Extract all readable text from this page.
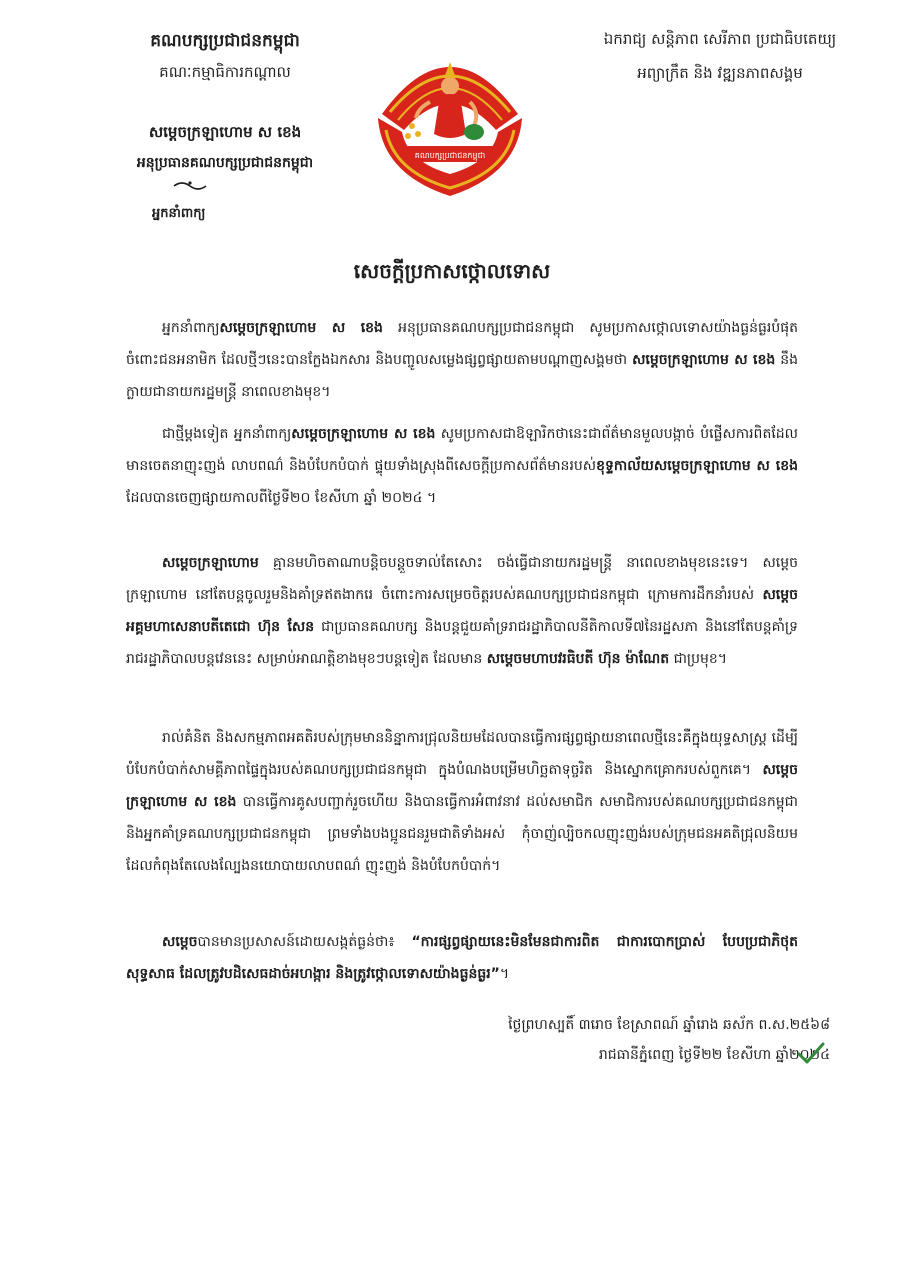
គណបក្សប្រជាជនកម្ពុជា
គណៈកម្មាធិការកណ្តាល
សម្តេចក្រឡាហោម ស ខេង
អនុប្រធានគណបក្សប្រជាជនកម្ពុជា
អ្នកនាំពាក្យ
គណបក្សប្រជាជនកម្ពុជា
ឯករាជ្យ សន្តិភាព សេរីភាព ប្រជាធិបតេយ្យ
អព្យាក្រឹត និង វឌ្ឍនភាពសង្គម
សេចក្តីប្រកាសថ្កោលទោស

អ្នកនាំពាក្យសម្តេចក្រឡាហោម ស ខេង អនុប្រធានគណបក្សប្រជាជនកម្ពុជា សូមប្រកាសថ្កោលទោសយ៉ាងធ្ងន់ធ្ងរបំផុតចំពោះជនអនាមិក ដែលថ្មីៗនេះបានក្លែងឯកសារ និងបញ្ចូលសម្លេងផ្សព្វផ្សាយតាមបណ្តាញសង្គមថា សម្តេចក្រឡាហោម ស ខេង នឹងក្លាយជានាយករដ្ឋមន្ត្រី នាពេលខាងមុខ។

ជាថ្មីម្តងទៀត អ្នកនាំពាក្យសម្តេចក្រឡាហោម ស ខេង សូមប្រកាសជាឱឡារិកថានេះជាព័ត៌មានមួលបង្កាច់ បំផ្លើសការពិតដែលមានចេតនាញុះញង់ លាបពណ៌ និងបំបែកបំបាក់ ផ្ទុយទាំងស្រុងពីសេចក្តីប្រកាសព័ត៌មានរបស់ខុទ្ទកាល័យសម្តេចក្រឡាហោម ស ខេង ដែលបានចេញផ្សាយកាលពីថ្ងៃទី២០ ខែសីហា ឆ្នាំ ២០២៤ ។

សម្តេចក្រឡាហោម គ្មានមហិចតាណាបន្តិចបន្តួចទាល់តែសោះ ចង់ធ្វើជានាយករដ្ឋមន្ត្រី នាពេលខាងមុខនេះទេ។ សម្តេចក្រឡាហោម នៅតែបន្តចូលរួមនិងគាំទ្រឥតងាករេ ចំពោះការសម្រេចចិត្តរបស់គណបក្សប្រជាជនកម្ពុជា ក្រោមការដឹកនាំរបស់ សម្តេចអគ្គមហាសេនាបតីតេជោ ហ៊ុន សែន ជាប្រធានគណបក្ស និងបន្តជួយគាំទ្ររាជរដ្ឋាភិបាលនីតិកាលទី៧នៃរដ្ឋសភា និងនៅតែបន្តគាំទ្ររាជរដ្ឋាភិបាលបន្តវេននេះ សម្រាប់អាណត្តិខាងមុខៗបន្តទៀត ដែលមាន សម្តេចមហាបវរធិបតី ហ៊ុន ម៉ាណែត ជាប្រមុខ។

រាល់គំនិត និងសកម្មភាពអគតិរបស់ក្រុមមាននិន្នាការជ្រុលនិយមដែលបានធ្វើការផ្សព្វផ្សាយនាពេលថ្មីនេះគឺក្នុងយុទ្ធសាស្ត្រ ដើម្បីបំបែកបំបាក់សាមគ្គីភាពផ្ទៃក្នុងរបស់គណបក្សប្រជាជនកម្ពុជា ក្នុងបំណងបម្រើមហិច្ឆតាទុច្ចរិត និងស្នោកគ្រោករបស់ពួកគេ។ សម្តេចក្រឡាហោម ស ខេង បានធ្វើការគូសបញ្ជាក់រួចហើយ និងបានធ្វើការអំពាវនាវ ដល់សមាជិក សមាជិការបស់គណបក្សប្រជាជនកម្ពុជា និងអ្នកគាំទ្រគណបក្សប្រជាជនកម្ពុជា ព្រមទាំងបងប្អូនជនរួមជាតិទាំងអស់ កុំចាញ់ល្បិចកលញុះញង់របស់ក្រុមជនអគតិជ្រុលនិយម ដែលកំពុងតែលេងល្បែងនយោបាយលាបពណ៌ ញុះញង់ និងបំបែកបំបាក់។

សម្តេចបានមានប្រសាសន៍ដោយសង្កត់ធ្ងន់ថា៖ “ការផ្សព្វផ្សាយនេះមិនមែនជាការពិត ជាការបោកប្រាស់ បែបប្រជាភិថុតសុទ្ធសាធ ដែលត្រូវបដិសេធដាច់អហង្ការ និងត្រូវថ្កោលទោសយ៉ាងធ្ងន់ធ្ងរ”។

ថ្ងៃព្រហស្បតិ៍ ៣រោច ខែស្រាពណ៍ ឆ្នាំរោង ឆស័ក ព.ស.២៥៦៨
រាជធានីភ្នំពេញ ថ្ងៃទី២២ ខែសីហា ឆ្នាំ២០២៤
